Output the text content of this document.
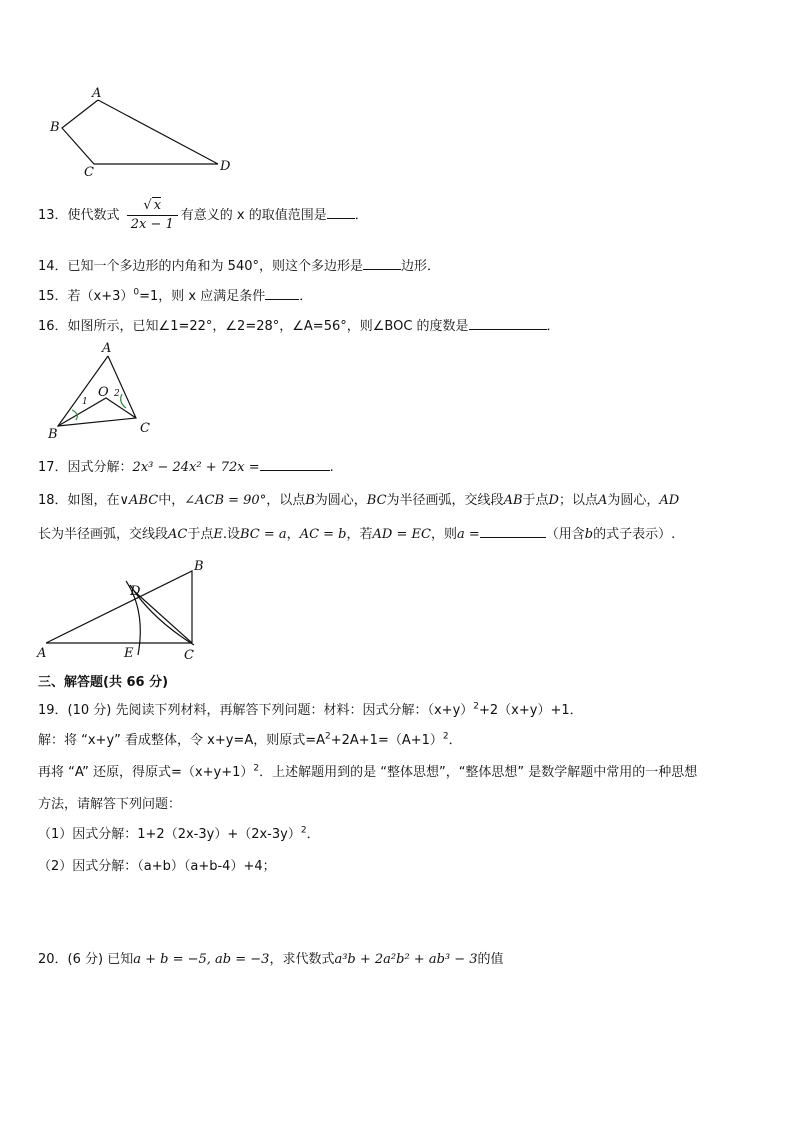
A
B
C	D
13．使代数式 $\frac{√ x}{2x - 1}$ 有意义的 x 的取值范围是 ．
14．已知一个多边形的内角和为 540°，则这个多边形是	边形．
15．若$(x+3)^0=1$，则 x 应满足条件	．
16．如图所示，已知∠1=22°，∠2=28°，∠A=56°，则∠BOC 的度数是	．
A
B	C
O
1
2
17．因式分解：2x³ − 24x² + 72x =	.
18．如图，在∨ABC中，∠ACB = 90°，以点B为圆心，BC为半径画弧，交线段AB于点D；以点A为圆心，AD
长为半径画弧，交线段AC于点E.设BC = a，AC = b，若AD = EC，则a =	（用含b的式子表示）.
A
B
C
D
E
三、解答题(共 66 分)
19．(10 分) 先阅读下列材料，再解答下列问题：材料：因式分解：$(x+y)^2+2(x+y)+1$．
解：将 “x+y” 看成整体，令 x+y=A，则原式$=A^2+2A+1=(A+1)^2$．
再将 “A” 还原，得原式$=(x+y+1)^2$．上述解题用到的是 “整体思想”，“整体思想” 是数学解题中常用的一种思想
方法，请解答下列问题：
（1）因式分解：$1+2(2x-3y)+(2x-3y)^2$．
（2）因式分解：（a+b）（a+b-4）+4；
20．(6 分) 已知a + b = −5, ab = −3，求代数式a³b + 2a²b² + ab³ − 3的值
